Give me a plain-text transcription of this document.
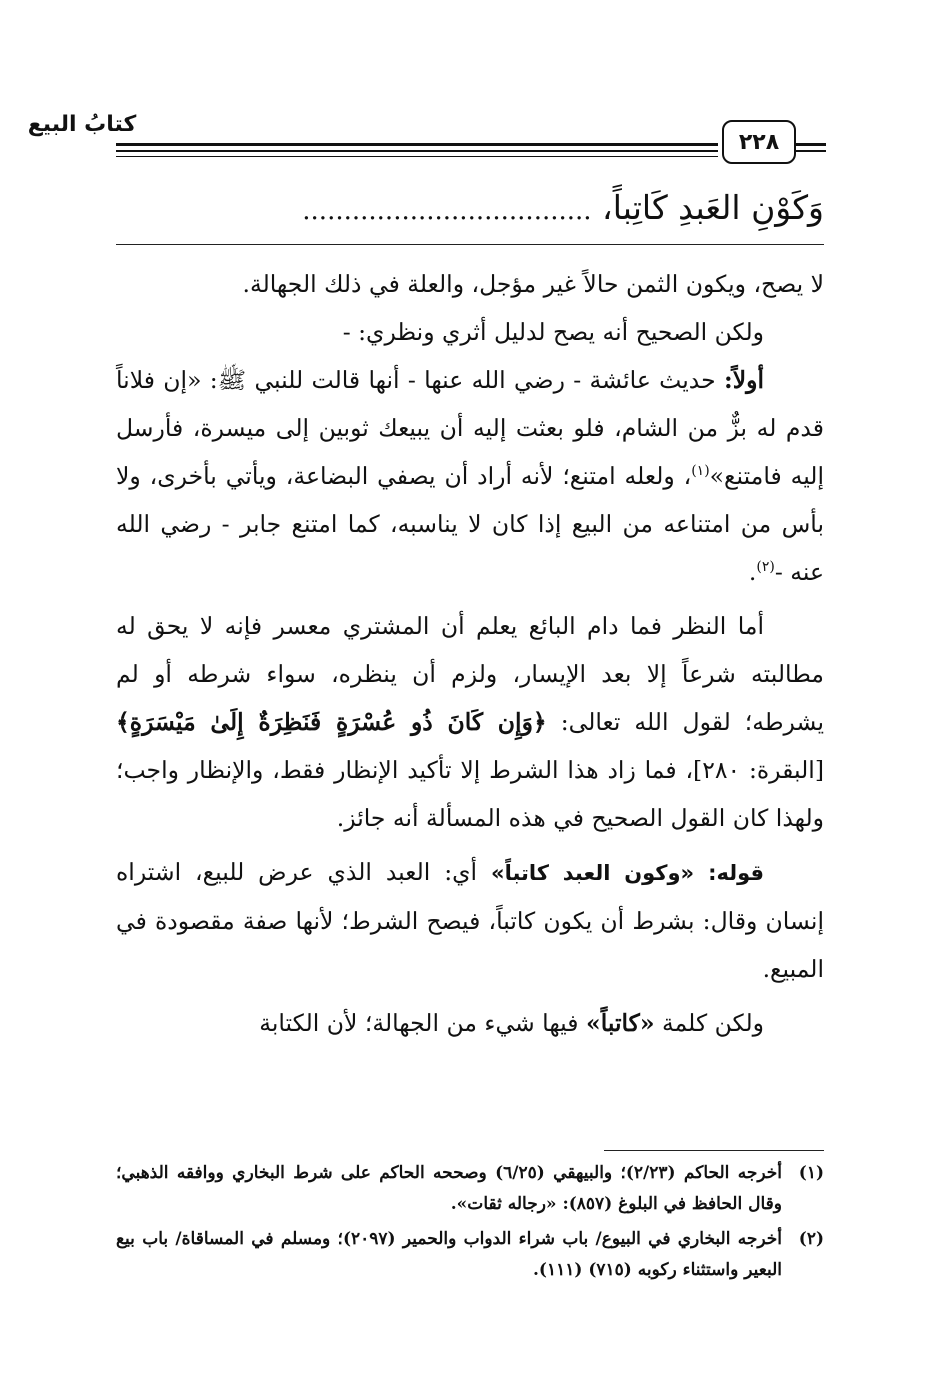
كتابُ البيع
٢٢٨
وَكَوْنِ العَبدِ كَاتِباً، ...................................

لا يصح، ويكون الثمن حالاً غير مؤجل، والعلة في ذلك الجهالة.

ولكن الصحيح أنه يصح لدليل أثري ونظري: -

أولاً: حديث عائشة - رضي الله عنها - أنها قالت للنبي ﷺ: «إن فلاناً قدم له بزٌّ من الشام، فلو بعثت إليه أن يبيعك ثوبين إلى ميسرة، فأرسل إليه فامتنع»$^{(١)}$، ولعله امتنع؛ لأنه أراد أن يصفي البضاعة، ويأتي بأخرى، ولا بأس من امتناعه من البيع إذا كان لا يناسبه، كما امتنع جابر - رضي الله عنه -$^{(٢)}$.

أما النظر فما دام البائع يعلم أن المشتري معسر فإنه لا يحق له مطالبته شرعاً إلا بعد الإيسار، ولزم أن ينظره، سواء شرطه أو لم يشرطه؛ لقول الله تعالى: ﴿وَإِن كَانَ ذُو عُسْرَةٍ فَنَظِرَةٌ إِلَىٰ مَيْسَرَةٍ﴾ [البقرة: ٢٨٠]، فما زاد هذا الشرط إلا تأكيد الإنظار فقط، والإنظار واجب؛ ولهذا كان القول الصحيح في هذه المسألة أنه جائز.

قوله: «وكون العبد كاتباً» أي: العبد الذي عرض للبيع، اشتراه إنسان وقال: بشرط أن يكون كاتباً، فيصح الشرط؛ لأنها صفة مقصودة في المبيع.

ولكن كلمة «كاتباً» فيها شيء من الجهالة؛ لأن الكتابة

(١)
أخرجه الحاكم (٢/٢٣)؛ والبيهقي (٦/٢٥) وصححه الحاكم على شرط البخاري ووافقه الذهبي؛ وقال الحافظ في البلوغ (٨٥٧): «رجاله ثقات».
(٢)
أخرجه البخاري في البيوع/ باب شراء الدواب والحمير (٢٠٩٧)؛ ومسلم في المساقاة/ باب بيع البعير واستثناء ركوبه (٧١٥) (١١١).
